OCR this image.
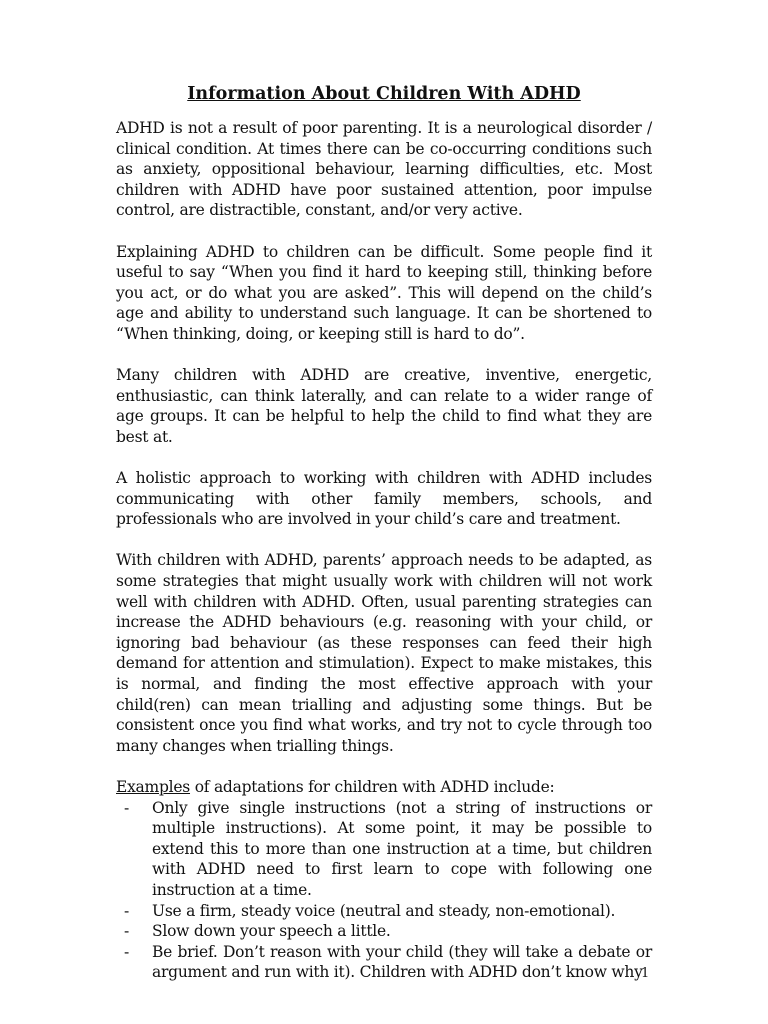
Information About Children With ADHD

ADHD is not a result of poor parenting. It is a neurological disorder / clinical condition. At times there can be co-occurring conditions such as anxiety, oppositional behaviour, learning difficulties, etc. Most children with ADHD have poor sustained attention, poor impulse control, are distractible, constant, and/or very active.

Explaining ADHD to children can be difficult. Some people find it useful to say “When you find it hard to keeping still, thinking before you act, or do what you are asked”. This will depend on the child’s age and ability to understand such language. It can be shortened to “When thinking, doing, or keeping still is hard to do”.

Many children with ADHD are creative, inventive, energetic, enthusiastic, can think laterally, and can relate to a wider range of age groups. It can be helpful to help the child to find what they are best at.

A holistic approach to working with children with ADHD includes communicating with other family members, schools, and professionals who are involved in your child’s care and treatment.

With children with ADHD, parents’ approach needs to be adapted, as some strategies that might usually work with children will not work well with children with ADHD. Often, usual parenting strategies can increase the ADHD behaviours (e.g. reasoning with your child, or ignoring bad behaviour (as these responses can feed their high demand for attention and stimulation). Expect to make mistakes, this is normal, and finding the most effective approach with your child(ren) can mean trialling and adjusting some things. But be consistent once you find what works, and try not to cycle through too many changes when trialling things.

Examples of adaptations for children with ADHD include:

- Only give single instructions (not a string of instructions or multiple instructions). At some point, it may be possible to extend this to more than one instruction at a time, but children with ADHD need to first learn to cope with following one instruction at a time.
- Use a firm, steady voice (neutral and steady, non-emotional).
- Slow down your speech a little.
- Be brief. Don’t reason with your child (they will take a debate or argument and run with it). Children with ADHD don’t know why
1
